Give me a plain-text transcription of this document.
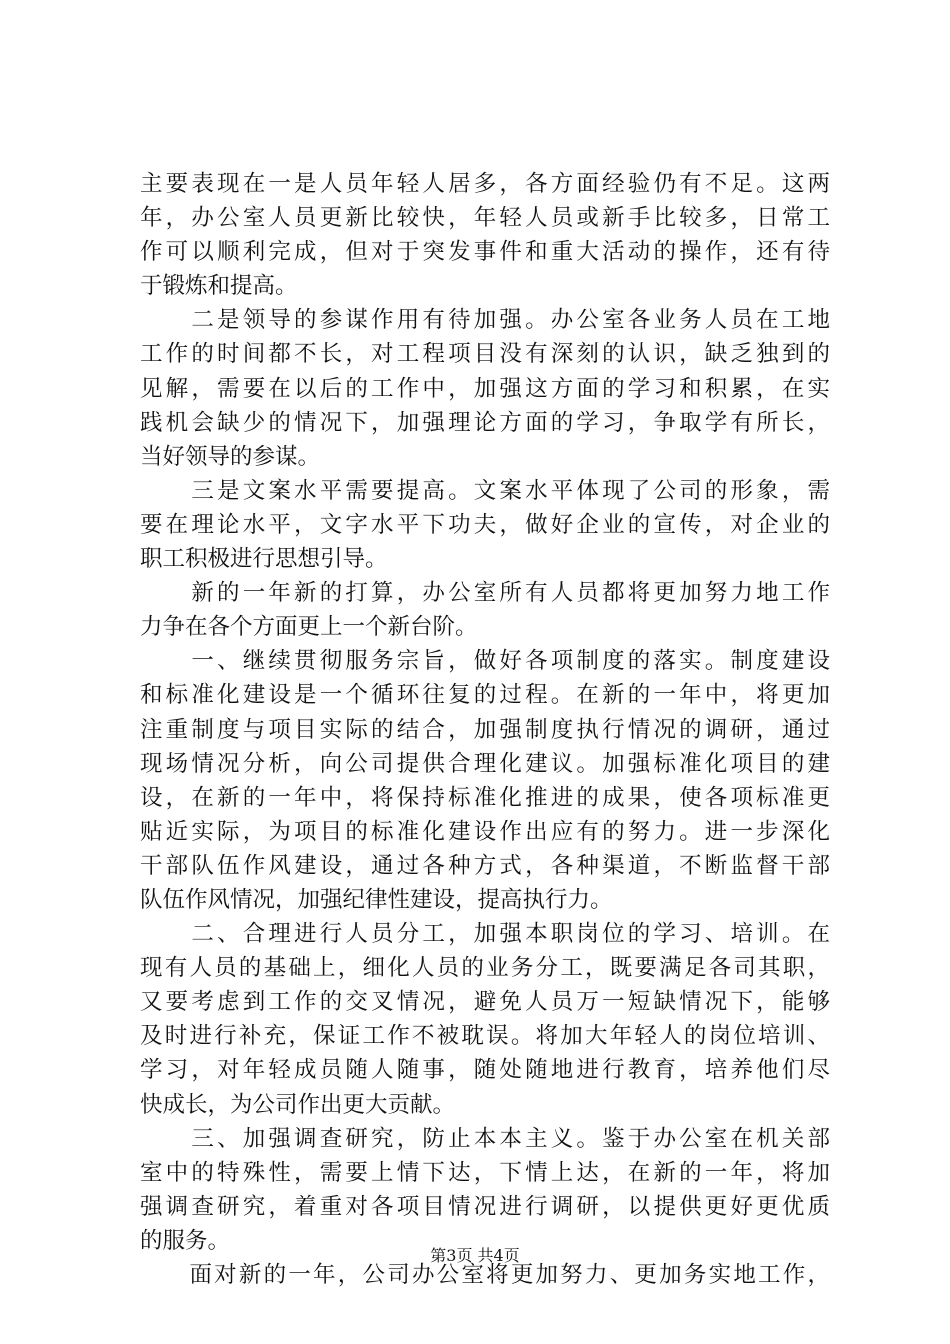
主要表现在一是人员年轻人居多，各方面经验仍有不足。这两
年，办公室人员更新比较快，年轻人员或新手比较多，日常工
作可以顺利完成，但对于突发事件和重大活动的操作，还有待
于锻炼和提高。
　　二是领导的参谋作用有待加强。办公室各业务人员在工地
工作的时间都不长，对工程项目没有深刻的认识，缺乏独到的
见解，需要在以后的工作中，加强这方面的学习和积累，在实
践机会缺少的情况下，加强理论方面的学习，争取学有所长，
当好领导的参谋。
　　三是文案水平需要提高。文案水平体现了公司的形象，需
要在理论水平，文字水平下功夫，做好企业的宣传，对企业的
职工积极进行思想引导。
　　新的一年新的打算，办公室所有人员都将更加努力地工作
力争在各个方面更上一个新台阶。
　　一、继续贯彻服务宗旨，做好各项制度的落实。制度建设
和标准化建设是一个循环往复的过程。在新的一年中，将更加
注重制度与项目实际的结合，加强制度执行情况的调研，通过
现场情况分析，向公司提供合理化建议。加强标准化项目的建
设，在新的一年中，将保持标准化推进的成果，使各项标准更
贴近实际，为项目的标准化建设作出应有的努力。进一步深化
干部队伍作风建设，通过各种方式，各种渠道，不断监督干部
队伍作风情况，加强纪律性建设，提高执行力。
　　二、合理进行人员分工，加强本职岗位的学习、培训。在
现有人员的基础上，细化人员的业务分工，既要满足各司其职，
又要考虑到工作的交叉情况，避免人员万一短缺情况下，能够
及时进行补充，保证工作不被耽误。将加大年轻人的岗位培训、
学习，对年轻成员随人随事，随处随地进行教育，培养他们尽
快成长，为公司作出更大贡献。
　　三、加强调查研究，防止本本主义。鉴于办公室在机关部
室中的特殊性，需要上情下达，下情上达，在新的一年，将加
强调查研究，着重对各项目情况进行调研，以提供更好更优质
的服务。
　　面对新的一年，公司办公室将更加努力、更加务实地工作，
第3页 共4页
